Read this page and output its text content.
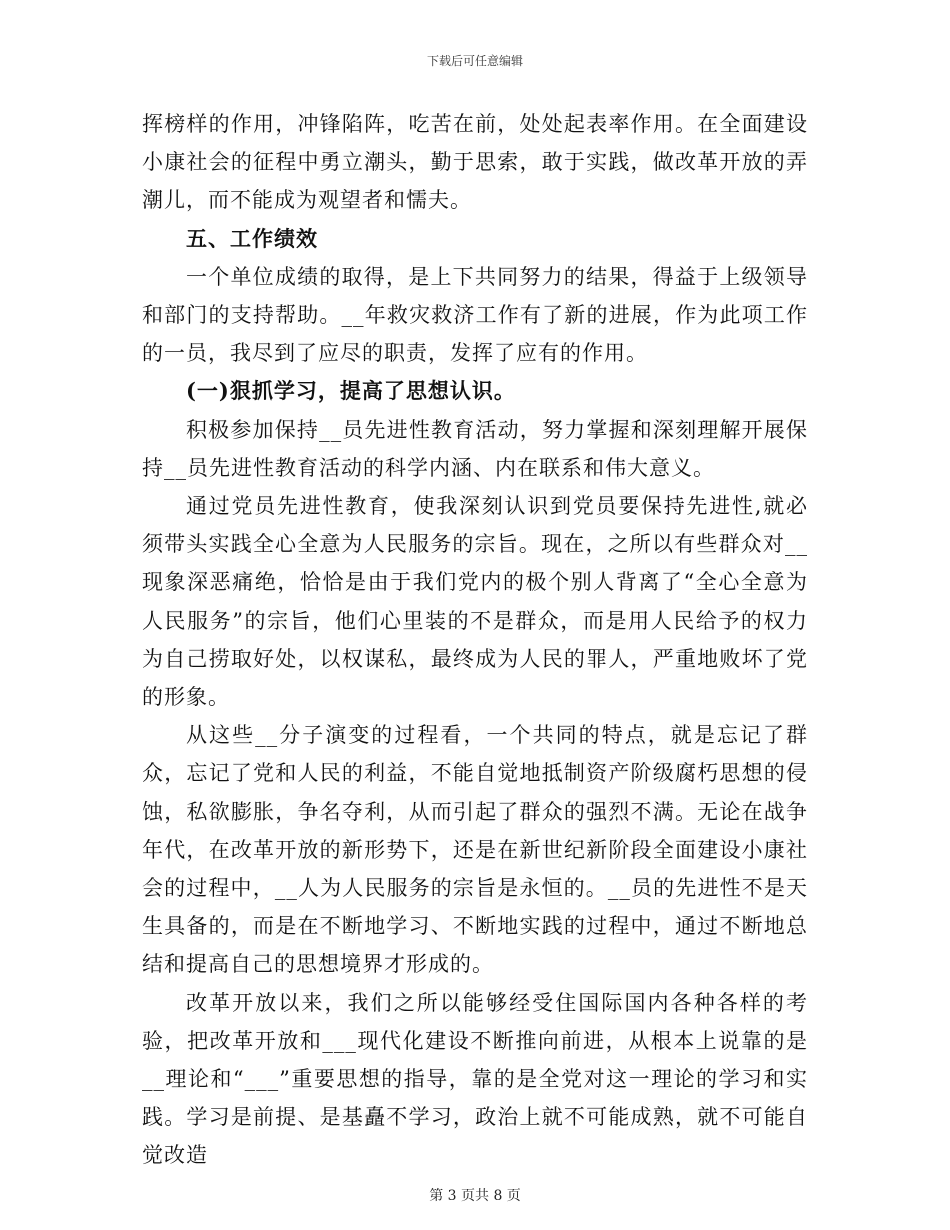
下载后可任意编辑

挥榜样的作用，冲锋陷阵，吃苦在前，处处起表率作用。在全面建设小康社会的征程中勇立潮头，勤于思索，敢于实践，做改革开放的弄潮儿，而不能成为观望者和懦夫。

五、工作绩效

一个单位成绩的取得，是上下共同努力的结果，得益于上级领导和部门的支持帮助。__年救灾救济工作有了新的进展，作为此项工作的一员，我尽到了应尽的职责，发挥了应有的作用。

(一)狠抓学习，提高了思想认识。

积极参加保持__员先进性教育活动，努力掌握和深刻理解开展保持__员先进性教育活动的科学内涵、内在联系和伟大意义。

通过党员先进性教育，使我深刻认识到党员要保持先进性,就必须带头实践全心全意为人民服务的宗旨。现在，之所以有些群众对__现象深恶痛绝，恰恰是由于我们党内的极个别人背离了“全心全意为人民服务”的宗旨，他们心里装的不是群众，而是用人民给予的权力为自己捞取好处，以权谋私，最终成为人民的罪人，严重地败坏了党的形象。

从这些__分子演变的过程看，一个共同的特点，就是忘记了群众，忘记了党和人民的利益，不能自觉地抵制资产阶级腐朽思想的侵蚀，私欲膨胀，争名夺利，从而引起了群众的强烈不满。无论在战争年代，在改革开放的新形势下，还是在新世纪新阶段全面建设小康社会的过程中，__人为人民服务的宗旨是永恒的。__员的先进性不是天生具备的，而是在不断地学习、不断地实践的过程中，通过不断地总结和提高自己的思想境界才形成的。

改革开放以来，我们之所以能够经受住国际国内各种各样的考验，把改革开放和___现代化建设不断推向前进，从根本上说靠的是__理论和“___”重要思想的指导，靠的是全党对这一理论的学习和实践。学习是前提、是基矗不学习，政治上就不可能成熟，就不可能自觉改造

第 3 页共 8 页
